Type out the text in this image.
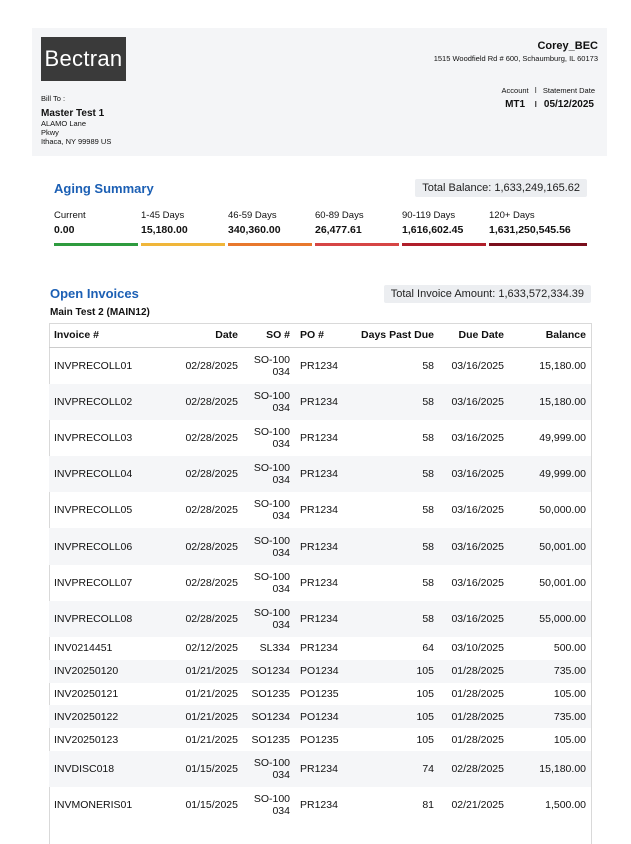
Bectran	Corey_BEC
1515 Woodfield Rd # 600, Schaumburg, IL 60173
Bill To :
Master Test 1
ALAMO Lane
Pkwy
Ithaca, NY 99989 US
Account	I	Statement Date
MT1	I	05/12/2025
Aging Summary	Total Balance: 1,633,249,165.62
Current
0.00
1-45 Days
15,180.00
46-59 Days
340,360.00
60-89 Days
26,477.61
90-119 Days
1,616,602.45
120+ Days
1,631,250,545.56
Open Invoices	Total Invoice Amount: 1,633,572,334.39
Main Test 2 (MAIN12)
Invoice #	Date	SO #	PO #	Days Past Due	Due Date	Balance
INVPRECOLL01	02/28/2025	SO-100
034	PR1234	58	03/16/2025	15,180.00
INVPRECOLL02	02/28/2025	SO-100
034	PR1234	58	03/16/2025	15,180.00
INVPRECOLL03	02/28/2025	SO-100
034	PR1234	58	03/16/2025	49,999.00
INVPRECOLL04	02/28/2025	SO-100
034	PR1234	58	03/16/2025	49,999.00
INVPRECOLL05	02/28/2025	SO-100
034	PR1234	58	03/16/2025	50,000.00
INVPRECOLL06	02/28/2025	SO-100
034	PR1234	58	03/16/2025	50,001.00
INVPRECOLL07	02/28/2025	SO-100
034	PR1234	58	03/16/2025	50,001.00
INVPRECOLL08	02/28/2025	SO-100
034	PR1234	58	03/16/2025	55,000.00
INV0214451	02/12/2025	SL334	PR1234	64	03/10/2025	500.00
INV20250120	01/21/2025	SO1234	PO1234	105	01/28/2025	735.00
INV20250121	01/21/2025	SO1235	PO1235	105	01/28/2025	105.00
INV20250122	01/21/2025	SO1234	PO1234	105	01/28/2025	735.00
INV20250123	01/21/2025	SO1235	PO1235	105	01/28/2025	105.00
INVDISC018	01/15/2025	SO-100
034	PR1234	74	02/28/2025	15,180.00
INVMONERIS01	01/15/2025	SO-100
034	PR1234	81	02/21/2025	1,500.00
